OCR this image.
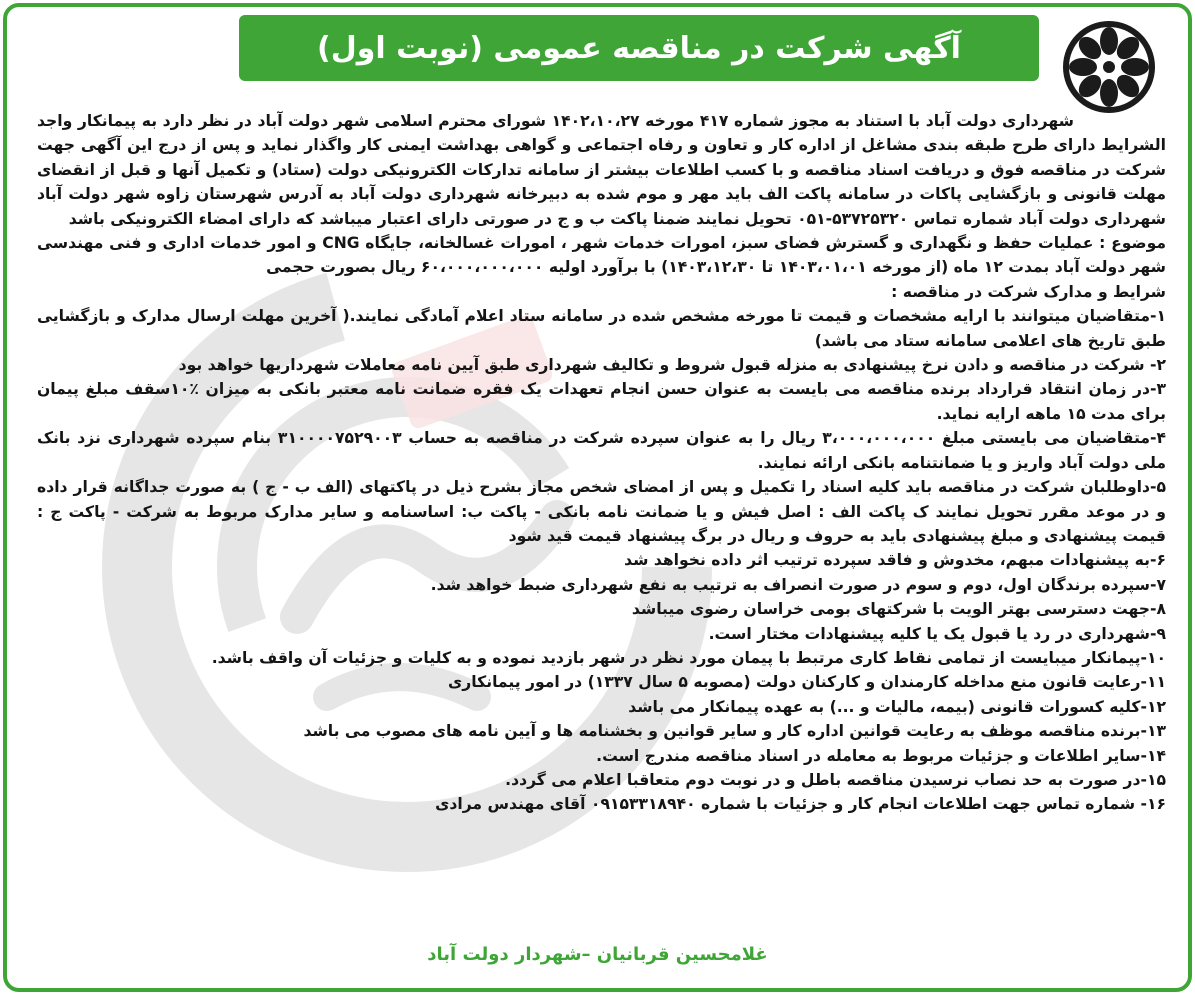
آگهی شرکت در مناقصه عمومی (نوبت اول)

شهرداری دولت آباد با استناد به مجوز شماره ۴۱۷ مورخه ۱۴۰۲،۱۰،۲۷ شورای محترم اسلامی شهر دولت آباد در نظر دارد به پیمانکار واجد الشرایط دارای طرح طبقه بندی مشاغل از اداره کار و تعاون و رفاه اجتماعی و گواهی بهداشت ایمنی کار واگذار نماید و پس از درج این آگهی جهت شرکت در مناقصه فوق و دریافت اسناد مناقصه و با کسب اطلاعات بیشتر از سامانه تدارکات الکترونیکی دولت (ستاد) و تکمیل آنها و قبل از انقضای مهلت قانونی و بازگشایی پاکات در سامانه پاکت الف باید مهر و موم شده به دبیرخانه شهرداری دولت آباد به آدرس شهرستان زاوه شهر دولت آباد شهرداری دولت آباد شماره تماس ۵۳۷۲۵۳۲۰-۰۵۱ تحویل نمایند ضمنا پاکت ب و ج در صورتی دارای اعتبار میباشد که دارای امضاء الکترونیکی باشد

موضوع : عملیات حفظ و نگهداری و گسترش فضای سبز، امورات خدمات شهر ، امورات غسالخانه، جایگاه CNG و امور خدمات اداری و فنی مهندسی شهر دولت آباد بمدت ۱۲ ماه (از مورخه ۱۴۰۳،۰۱،۰۱ تا ۱۴۰۳،۱۲،۳۰) با برآورد اولیه ۶۰،۰۰۰،۰۰۰،۰۰۰ ریال بصورت حجمی

شرایط و مدارک شرکت در مناقصه :

۱-متقاضیان میتوانند با ارایه مشخصات و قیمت تا مورخه مشخص شده در سامانه ستاد اعلام آمادگی نمایند.( آخرین مهلت ارسال مدارک و بازگشایی طبق تاریخ های اعلامی سامانه ستاد می باشد)

۲- شرکت در مناقصه و دادن نرخ پیشنهادی به منزله قبول شروط و تکالیف شهرداری طبق آیین نامه معاملات شهرداریها خواهد بود

۳-در زمان انتقاد قرارداد برنده مناقصه می بایست به عنوان حسن انجام تعهدات یک فقره ضمانت نامه معتبر بانکی به میزان ٪۱۰سقف مبلغ پیمان برای مدت ۱۵ ماهه ارایه نماید.

۴-متقاضیان می بایستی مبلغ ۳،۰۰۰،۰۰۰،۰۰۰ ریال را به عنوان سپرده شرکت در مناقصه به حساب ۳۱۰۰۰۰۷۵۲۹۰۰۳ بنام سپرده شهرداری نزد بانک ملی دولت آباد واریز و یا ضمانتنامه بانکی ارائه نمایند.

۵-داوطلبان شرکت در مناقصه باید کلیه اسناد را تکمیل و پس از امضای شخص مجاز بشرح ذیل در پاکتهای (الف ب - ج ) به صورت جداگانه قرار داده و در موعد مقرر تحویل نمایند ک پاکت الف : اصل فیش و یا ضمانت نامه بانکی - پاکت ب: اساسنامه و سایر مدارک مربوط به شرکت - پاکت ج : قیمت پیشنهادی و مبلغ پیشنهادی باید به حروف و ریال در برگ پیشنهاد قیمت قید شود

۶-به پیشنهادات مبهم، مخدوش و فاقد سپرده ترتیب اثر داده نخواهد شد

۷-سپرده برندگان اول، دوم و سوم در صورت انصراف به ترتیب به نفع شهرداری ضبط خواهد شد.

۸-جهت دسترسی بهتر الویت با شرکتهای بومی خراسان رضوی میباشد

۹-شهرداری در رد یا قبول یک یا کلیه پیشنهادات مختار است.

۱۰-پیمانکار میبایست از تمامی نقاط کاری مرتبط با پیمان مورد نظر در شهر بازدید نموده و به کلیات و جزئیات آن واقف باشد.

۱۱-رعایت قانون منع مداخله کارمندان و کارکنان دولت (مصوبه ۵ سال ۱۳۳۷) در امور پیمانکاری

۱۲-کلیه کسورات قانونی (بیمه، مالیات و ...) به عهده پیمانکار می باشد

۱۳-برنده مناقصه موظف به رعایت قوانین اداره کار و سایر قوانین و بخشنامه ها و آیین نامه های مصوب می باشد

۱۴-سایر اطلاعات و جزئیات مربوط به معامله در اسناد مناقصه مندرج است.

۱۵-در صورت به حد نصاب نرسیدن مناقصه باطل و در نوبت دوم متعاقبا اعلام می گردد.

۱۶- شماره تماس جهت اطلاعات انجام کار و جزئیات با شماره ۰۹۱۵۳۳۱۸۹۴۰ آقای مهندس مرادی

غلامحسین قربانیان –شهردار دولت آباد
